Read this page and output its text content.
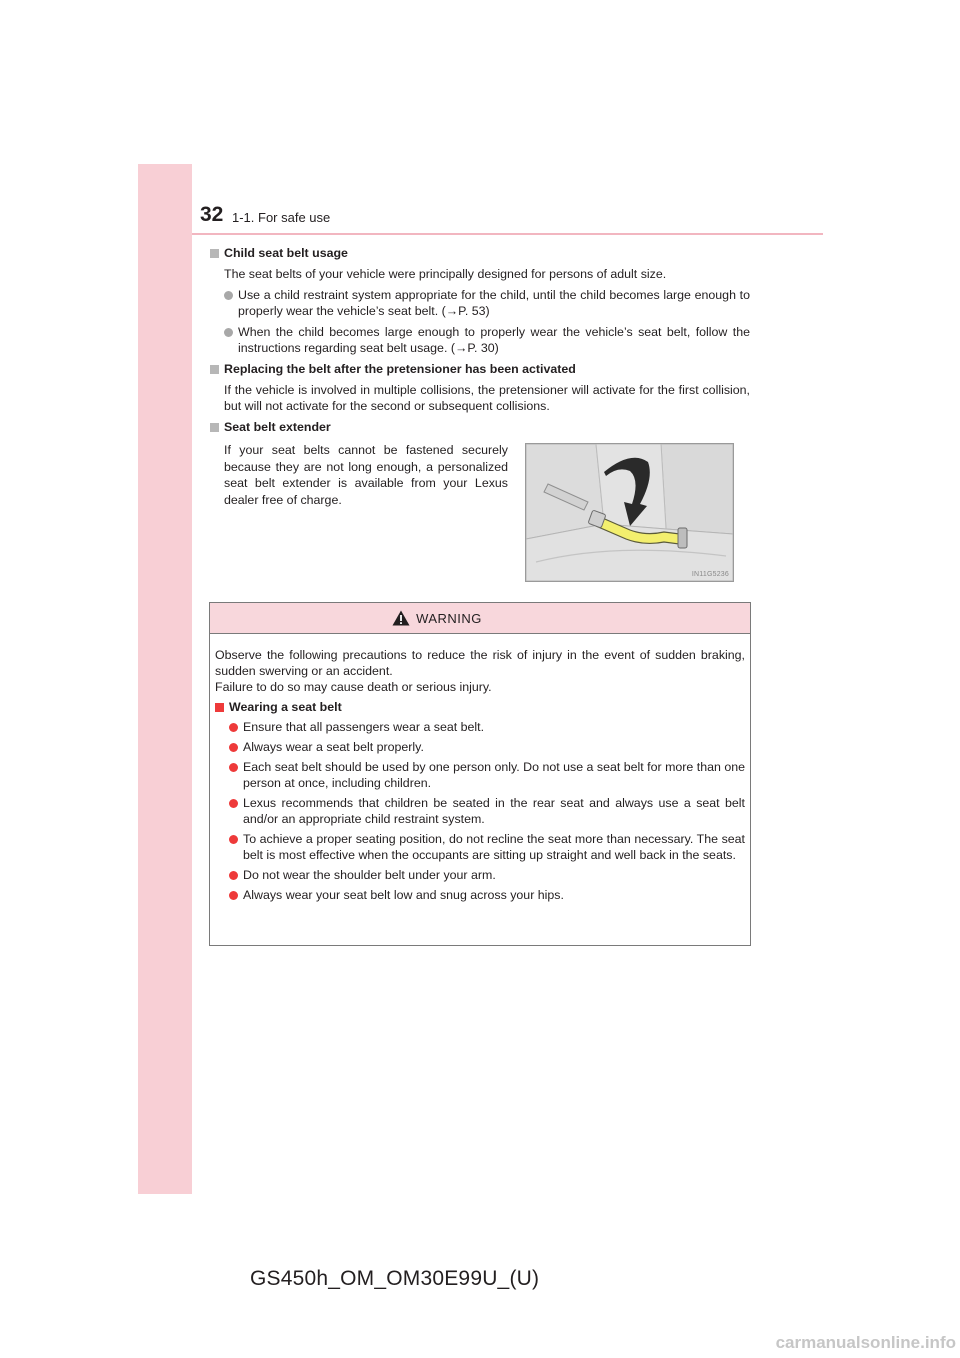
32 1-1. For safe use
Child seat belt usage
The seat belts of your vehicle were principally designed for persons of adult size.
Use a child restraint system appropriate for the child, until the child becomes large enough to properly wear the vehicle’s seat belt. (→P. 53)
When the child becomes large enough to properly wear the vehicle’s seat belt, follow the instructions regarding seat belt usage. (→P. 30)
Replacing the belt after the pretensioner has been activated
If the vehicle is involved in multiple collisions, the pretensioner will activate for the first collision, but will not activate for the second or subsequent collisions.
Seat belt extender
If your seat belts cannot be fastened securely because they are not long enough, a personalized seat belt extender is available from your Lexus dealer free of charge.
IN11G5236
WARNING
Observe the following precautions to reduce the risk of injury in the event of sudden braking, sudden swerving or an accident.
Failure to do so may cause death or serious injury.
Wearing a seat belt
Ensure that all passengers wear a seat belt.
Always wear a seat belt properly.
Each seat belt should be used by one person only. Do not use a seat belt for more than one person at once, including children.
Lexus recommends that children be seated in the rear seat and always use a seat belt and/or an appropriate child restraint system.
To achieve a proper seating position, do not recline the seat more than necessary. The seat belt is most effective when the occupants are sitting up straight and well back in the seats.
Do not wear the shoulder belt under your arm.
Always wear your seat belt low and snug across your hips.
GS450h_OM_OM30E99U_(U)
carmanualsonline.info
